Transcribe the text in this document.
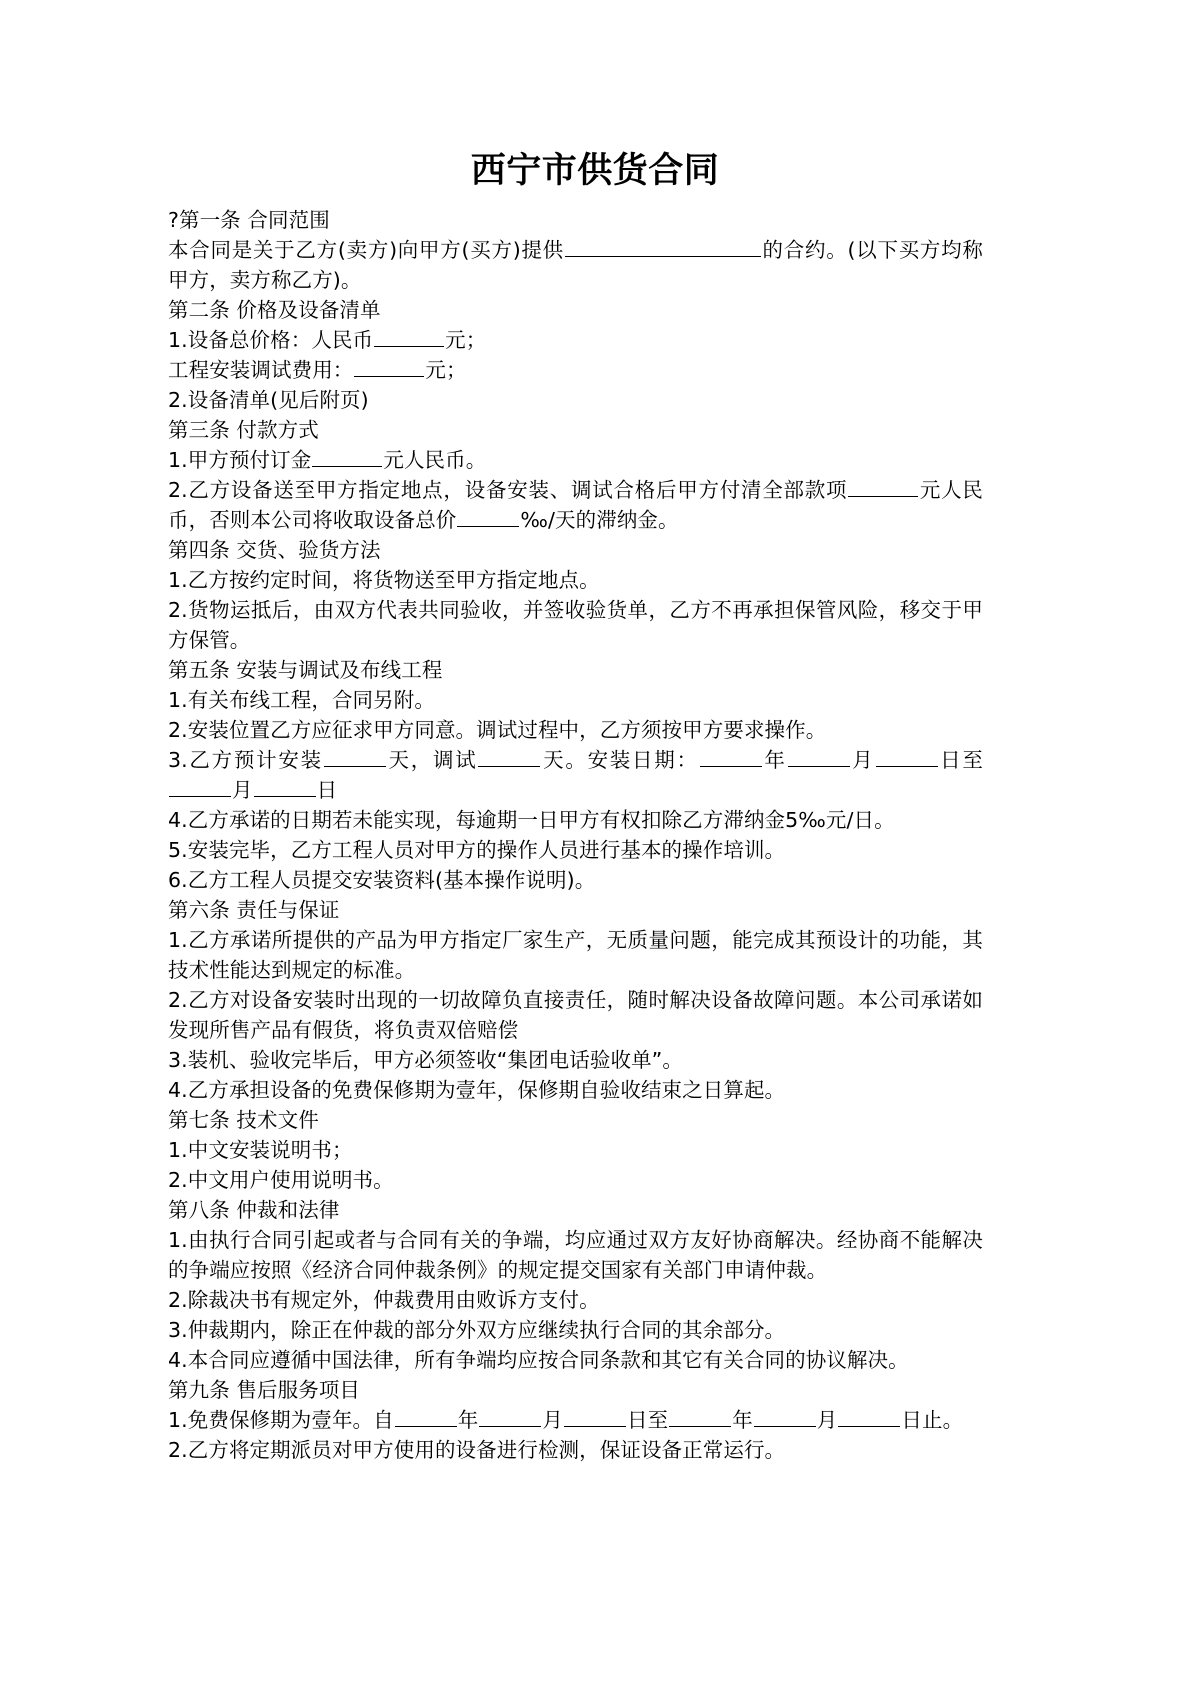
西宁市供货合同
?第一条 合同范围
本合同是关于乙方(卖方)向甲方(买方)提供	的合约。(以下买方均称甲方，卖方称乙方)。
第二条 价格及设备清单
1.设备总价格：人民币	元；
工程安装调试费用：	元；
2.设备清单(见后附页)
第三条 付款方式
1.甲方预付订金	元人民币。
2.乙方设备送至甲方指定地点，设备安装、调试合格后甲方付清全部款项	元人民币，否则本公司将收取设备总价	‰/天的滞纳金。
第四条 交货、验货方法
1.乙方按约定时间，将货物送至甲方指定地点。
2.货物运抵后，由双方代表共同验收，并签收验货单，乙方不再承担保管风险，移交于甲方保管。
第五条 安装与调试及布线工程
1.有关布线工程，合同另附。
2.安装位置乙方应征求甲方同意。调试过程中，乙方须按甲方要求操作。
3.乙方预计安装	天，调试	天。安装日期：	年	月	日至月	日
4.乙方承诺的日期若未能实现，每逾期一日甲方有权扣除乙方滞纳金5‰元/日。
5.安装完毕，乙方工程人员对甲方的操作人员进行基本的操作培训。
6.乙方工程人员提交安装资料(基本操作说明)。
第六条 责任与保证
1.乙方承诺所提供的产品为甲方指定厂家生产，无质量问题，能完成其预设计的功能，其技术性能达到规定的标准。
2.乙方对设备安装时出现的一切故障负直接责任，随时解决设备故障问题。本公司承诺如发现所售产品有假货，将负责双倍赔偿
3.装机、验收完毕后，甲方必须签收“集团电话验收单”。
4.乙方承担设备的免费保修期为壹年，保修期自验收结束之日算起。
第七条 技术文件
1.中文安装说明书；
2.中文用户使用说明书。
第八条 仲裁和法律
1.由执行合同引起或者与合同有关的争端，均应通过双方友好协商解决。经协商不能解决的争端应按照《经济合同仲裁条例》的规定提交国家有关部门申请仲裁。
2.除裁决书有规定外，仲裁费用由败诉方支付。
3.仲裁期内，除正在仲裁的部分外双方应继续执行合同的其余部分。
4.本合同应遵循中国法律，所有争端均应按合同条款和其它有关合同的协议解决。
第九条 售后服务项目
1.免费保修期为壹年。自	年	月	日至	年	月	日止。
2.乙方将定期派员对甲方使用的设备进行检测，保证设备正常运行。
